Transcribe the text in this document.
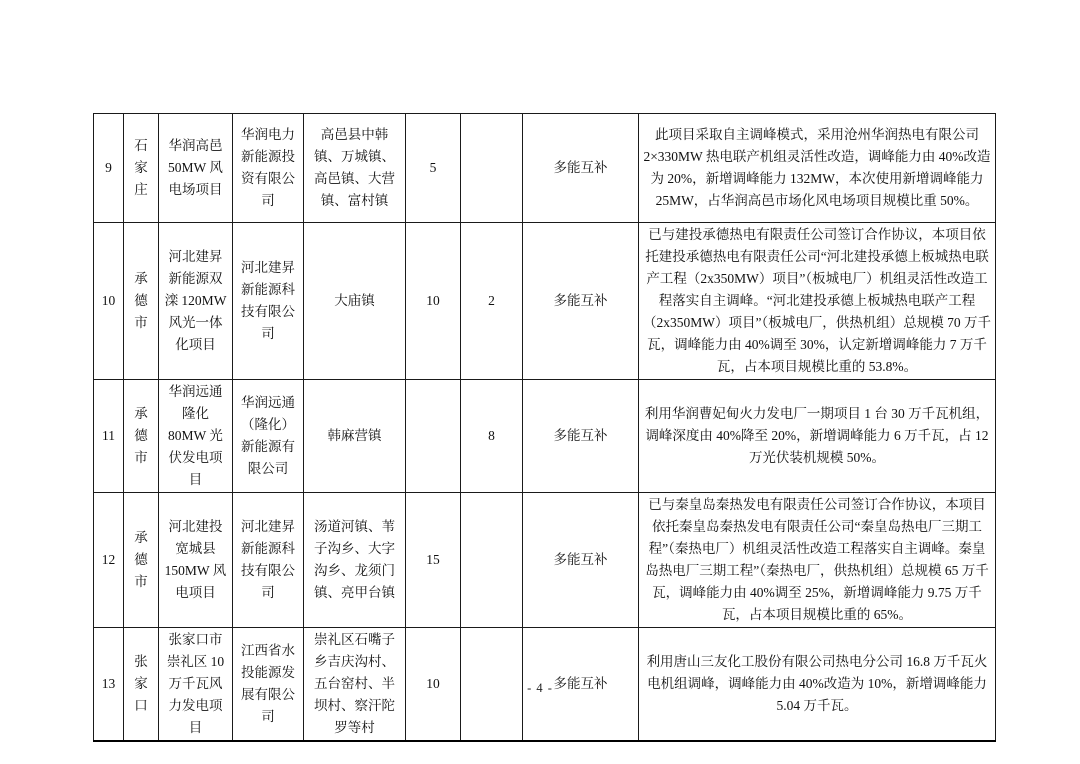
9	石家庄	华润高邑50MW 风电场项目	华润电力新能源投资有限公司	高邑县中韩镇、万城镇、高邑镇、大营镇、富村镇	5		多能互补	此项目采取自主调峰模式，采用沧州华润热电有限公司 2×330MW 热电联产机组灵活性改造，调峰能力由 40%改造为 20%，新增调峰能力 132MW，本次使用新增调峰能力 25MW，占华润高邑市场化风电场项目规模比重 50%。
10	承德市	河北建昇新能源双滦 120MW 风光一体化项目	河北建昇新能源科技有限公司	大庙镇	10	2	多能互补	已与建投承德热电有限责任公司签订合作协议，本项目依托建投承德热电有限责任公司“河北建投承德上板城热电联产工程（2x350MW）项目”（板城电厂）机组灵活性改造工程落实自主调峰。“河北建投承德上板城热电联产工程（2x350MW）项目”（板城电厂，供热机组）总规模 70 万千瓦，调峰能力由 40%调至 30%，认定新增调峰能力 7 万千瓦，占本项目规模比重的 53.8%。
11	承德市	华润远通隆化 80MW 光伏发电项目	华润远通（隆化）新能源有限公司	韩麻营镇		8	多能互补	利用华润曹妃甸火力发电厂一期项目 1 台 30 万千瓦机组，调峰深度由 40%降至 20%，新增调峰能力 6 万千瓦，占 12 万光伏装机规模 50%。
12	承德市	河北建投宽城县 150MW 风电项目	河北建昇新能源科技有限公司	汤道河镇、苇子沟乡、大字沟乡、龙须门镇、亮甲台镇	15		多能互补	已与秦皇岛秦热发电有限责任公司签订合作协议，本项目依托秦皇岛秦热发电有限责任公司“秦皇岛热电厂三期工程”（秦热电厂）机组灵活性改造工程落实自主调峰。秦皇岛热电厂三期工程”（秦热电厂，供热机组）总规模 65 万千瓦，调峰能力由 40%调至 25%，新增调峰能力 9.75 万千瓦，占本项目规模比重的 65%。
13	张家口	张家口市崇礼区 10 万千瓦风力发电项目	江西省水投能源发展有限公司	崇礼区石嘴子乡吉庆沟村、五台窑村、半坝村、察汗陀罗等村	10		多能互补	利用唐山三友化工股份有限公司热电分公司 16.8 万千瓦火电机组调峰，调峰能力由 40%改造为 10%，新增调峰能力 5.04 万千瓦。
- 4 -
